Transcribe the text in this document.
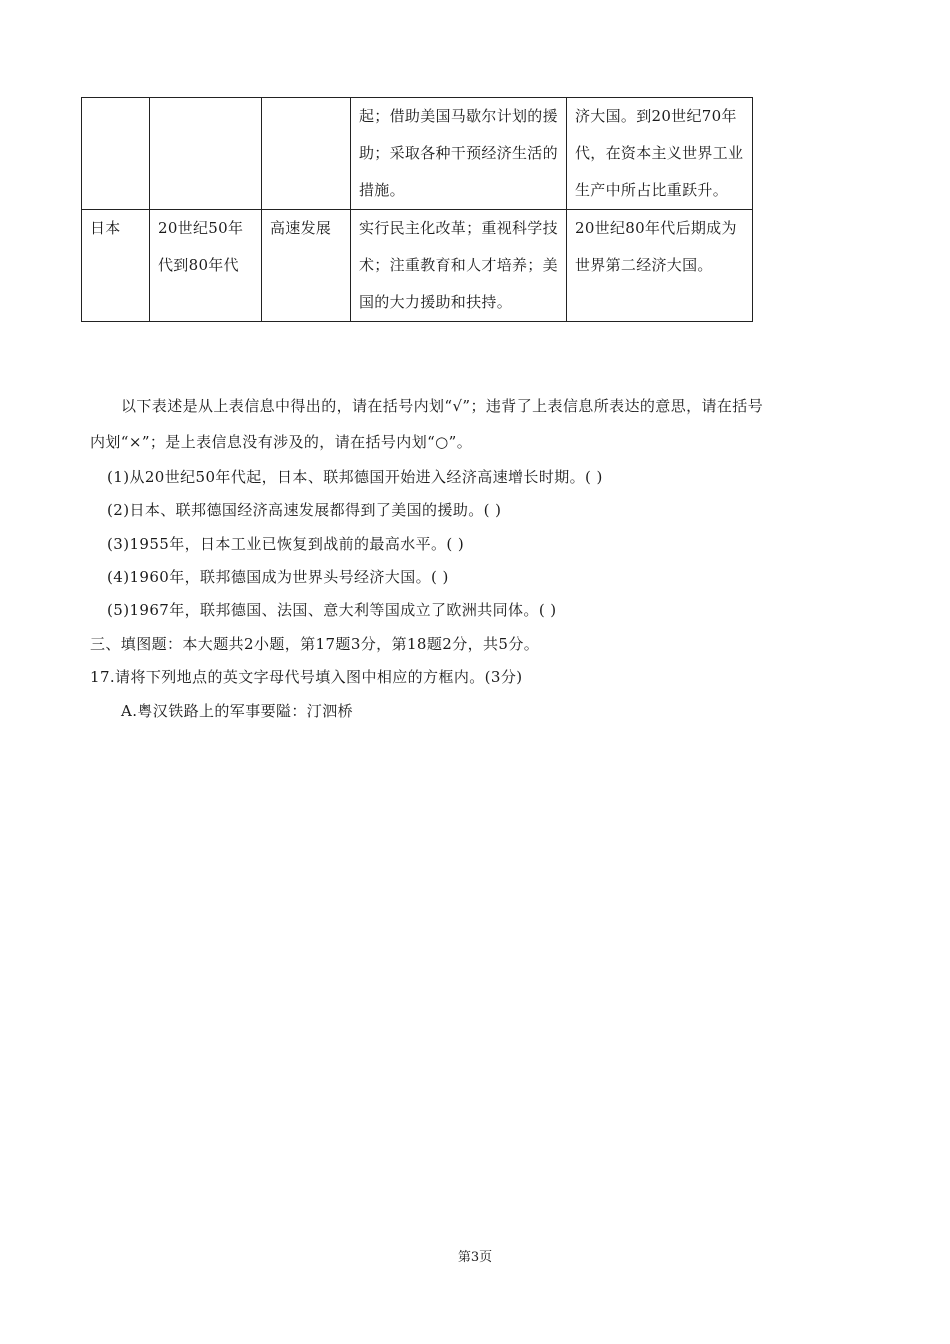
			起；借助美国马歇尔计划的援助；采取各种干预经济生活的措施。	济大国。到20世纪70年代，在资本主义世界工业生产中所占比重跃升。
日本	20世纪50年代到80年代	高速发展	实行民主化改革；重视科学技术；注重教育和人才培养；美国的大力援助和扶持。	20世纪80年代后期成为世界第二经济大国。
以下表述是从上表信息中得出的，请在括号内划“√”；违背了上表信息所表达的意思，请在括号
内划“×”；是上表信息没有涉及的，请在括号内划“○”。
(1)从20世纪50年代起，日本、联邦德国开始进入经济高速增长时期。( )
(2)日本、联邦德国经济高速发展都得到了美国的援助。( )
(3)1955年，日本工业已恢复到战前的最高水平。( )
(4)1960年，联邦德国成为世界头号经济大国。( )
(5)1967年，联邦德国、法国、意大利等国成立了欧洲共同体。( )
三、填图题：本大题共2小题，第17题3分，第18题2分，共5分。
17.请将下列地点的英文字母代号填入图中相应的方框内。(3分)
A.粤汉铁路上的军事要隘：汀泗桥
第3页
